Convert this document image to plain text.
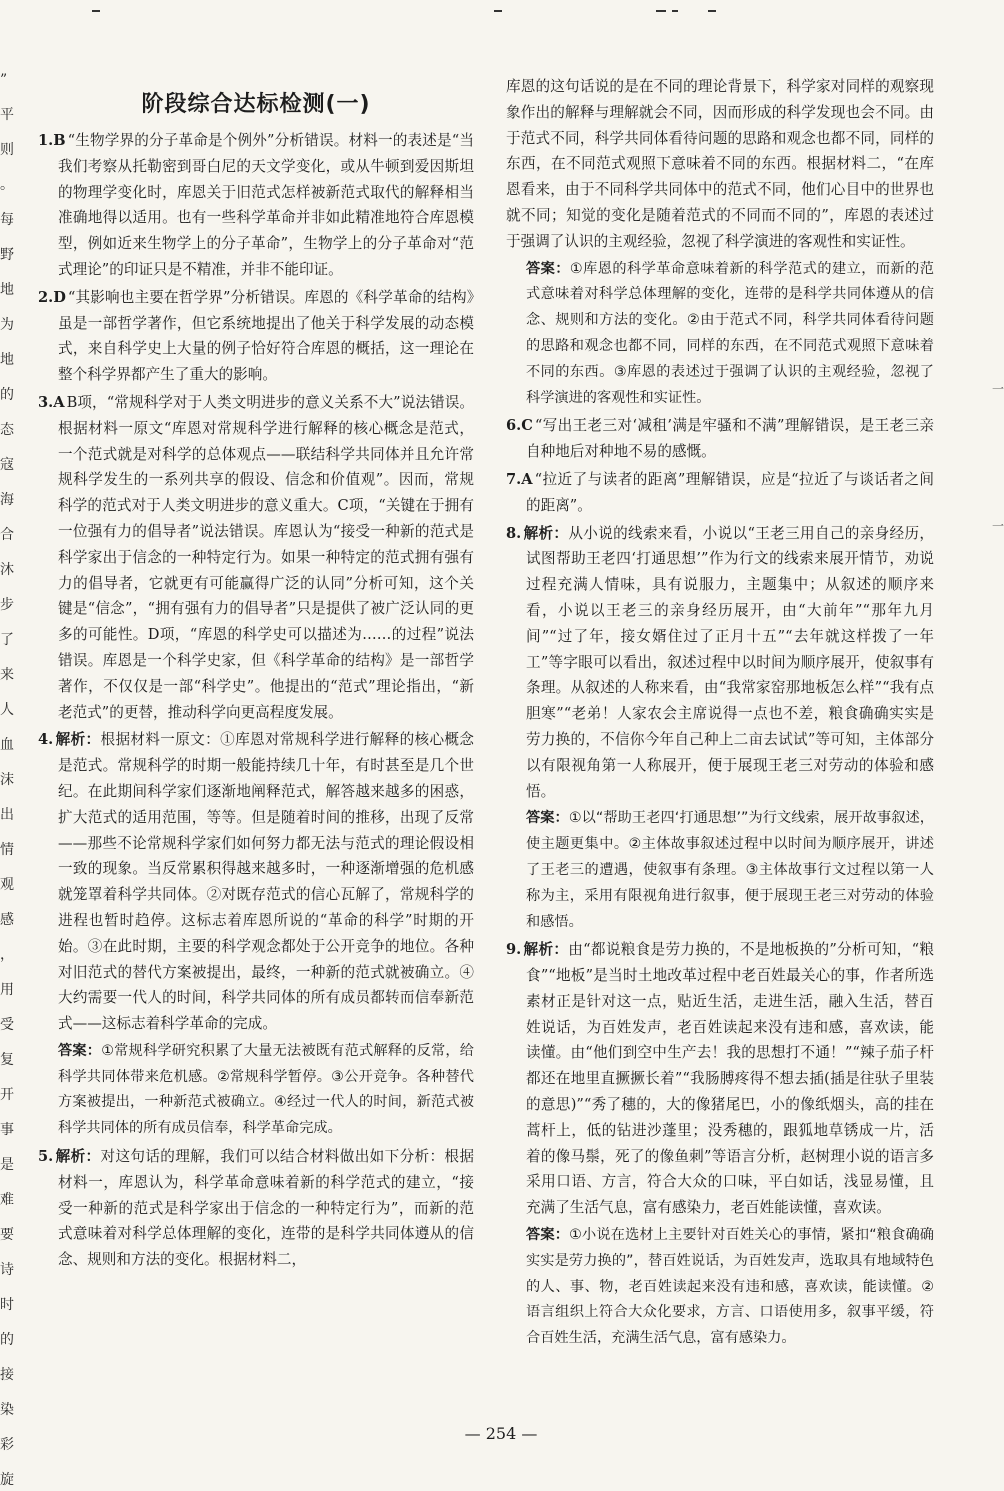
”
平
则
。
每
野
地
为
地
的
态
寇
海
合
沐
步
了
来
人
血
沫
出
情
观
感
，
用
受
复
开
事
是
难
要
诗
时
的
接
染
彩
旋
一
一
阶段综合达标检测(一)
1.B “生物学界的分子革命是个例外”分析错误。材料一的表述是“当我们考察从托勒密到哥白尼的天文学变化，或从牛顿到爱因斯坦的物理学变化时，库恩关于旧范式怎样被新范式取代的解释相当准确地得以适用。也有一些科学革命并非如此精准地符合库恩模型，例如近来生物学上的分子革命”，生物学上的分子革命对“范式理论”的印证只是不精准，并非不能印证。
2.D “其影响也主要在哲学界”分析错误。库恩的《科学革命的结构》虽是一部哲学著作，但它系统地提出了他关于科学发展的动态模式，来自科学史上大量的例子恰好符合库恩的概括，这一理论在整个科学界都产生了重大的影响。
3.A B项，“常规科学对于人类文明进步的意义关系不大”说法错误。根据材料一原文“库恩对常规科学进行解释的核心概念是范式，一个范式就是对科学的总体观点——联结科学共同体并且允许常规科学发生的一系列共享的假设、信念和价值观”。因而，常规科学的范式对于人类文明进步的意义重大。C项，“关键在于拥有一位强有力的倡导者”说法错误。库恩认为“接受一种新的范式是科学家出于信念的一种特定行为。如果一种特定的范式拥有强有力的倡导者，它就更有可能赢得广泛的认同”分析可知，这个关键是“信念”，“拥有强有力的倡导者”只是提供了被广泛认同的更多的可能性。D项，“库恩的科学史可以描述为……的过程”说法错误。库恩是一个科学史家，但《科学革命的结构》是一部哲学著作，不仅仅是一部“科学史”。他提出的“范式”理论指出，“新老范式”的更替，推动科学向更高程度发展。
4. 解析：根据材料一原文：①库恩对常规科学进行解释的核心概念是范式。常规科学的时期一般能持续几十年，有时甚至是几个世纪。在此期间科学家们逐渐地阐释范式，解答越来越多的困惑，扩大范式的适用范围，等等。但是随着时间的推移，出现了反常——那些不论常规科学家们如何努力都无法与范式的理论假设相一致的现象。当反常累积得越来越多时，一种逐渐增强的危机感就笼罩着科学共同体。②对既存范式的信心瓦解了，常规科学的进程也暂时趋停。这标志着库恩所说的“革命的科学”时期的开始。③在此时期，主要的科学观念都处于公开竞争的地位。各种对旧范式的替代方案被提出，最终，一种新的范式就被确立。④大约需要一代人的时间，科学共同体的所有成员都转而信奉新范式——这标志着科学革命的完成。
答案：①常规科学研究积累了大量无法被既有范式解释的反常，给科学共同体带来危机感。②常规科学暂停。③公开竞争。各种替代方案被提出，一种新范式被确立。④经过一代人的时间，新范式被科学共同体的所有成员信奉，科学革命完成。
5. 解析：对这句话的理解，我们可以结合材料做出如下分析：根据材料一，库恩认为，科学革命意味着新的科学范式的建立，“接受一种新的范式是科学家出于信念的一种特定行为”，而新的范式意味着对科学总体理解的变化，连带的是科学共同体遵从的信念、规则和方法的变化。根据材料二，
库恩的这句话说的是在不同的理论背景下，科学家对同样的观察现象作出的解释与理解就会不同，因而形成的科学发现也会不同。由于范式不同，科学共同体看待问题的思路和观念也都不同，同样的东西，在不同范式观照下意味着不同的东西。根据材料二，“在库恩看来，由于不同科学共同体中的范式不同，他们心目中的世界也就不同；知觉的变化是随着范式的不同而不同的”，库恩的表述过于强调了认识的主观经验，忽视了科学演进的客观性和实证性。
答案：①库恩的科学革命意味着新的科学范式的建立，而新的范式意味着对科学总体理解的变化，连带的是科学共同体遵从的信念、规则和方法的变化。②由于范式不同，科学共同体看待问题的思路和观念也都不同，同样的东西，在不同范式观照下意味着不同的东西。③库恩的表述过于强调了认识的主观经验，忽视了科学演进的客观性和实证性。
6.C “写出王老三对‘减租’满是牢骚和不满”理解错误，是王老三亲自种地后对种地不易的感慨。
7.A “拉近了与读者的距离”理解错误，应是“拉近了与谈话者之间的距离”。
8. 解析：从小说的线索来看，小说以“王老三用自己的亲身经历，试图帮助王老四‘打通思想’”作为行文的线索来展开情节，劝说过程充满人情味，具有说服力，主题集中；从叙述的顺序来看，小说以王老三的亲身经历展开，由“大前年”“那年九月间”“过了年，接女婿住过了正月十五”“去年就这样拨了一年工”等字眼可以看出，叙述过程中以时间为顺序展开，使叙事有条理。从叙述的人称来看，由“我常家窑那地板怎么样”“我有点胆寒”“老弟！人家农会主席说得一点也不差，粮食确确实实是劳力换的，不信你今年自己种上二亩去试试”等可知，主体部分以有限视角第一人称展开，便于展现王老三对劳动的体验和感悟。
答案：①以“帮助王老四‘打通思想’”为行文线索，展开故事叙述，使主题更集中。②主体故事叙述过程中以时间为顺序展开，讲述了王老三的遭遇，使叙事有条理。③主体故事行文过程以第一人称为主，采用有限视角进行叙事，便于展现王老三对劳动的体验和感悟。
9. 解析：由“都说粮食是劳力换的，不是地板换的”分析可知，“粮食”“地板”是当时土地改革过程中老百姓最关心的事，作者所选素材正是针对这一点，贴近生活，走进生活，融入生活，替百姓说话，为百姓发声，老百姓读起来没有违和感，喜欢读，能读懂。由“他们到空中生产去！我的思想打不通！”“辣子茄子杆都还在地里直撅撅长着”“我肠膊疼得不想去插(插是往驮子里装的意思)”“秀了穗的，大的像猪尾巴，小的像纸烟头，高的挂在蒿杆上，低的钻进沙蓬里；没秀穗的，跟狐地草锈成一片，活着的像马鬃，死了的像鱼刺”等语言分析，赵树理小说的语言多采用口语、方言，符合大众的口味，平白如话，浅显易懂，且充满了生活气息，富有感染力，老百姓能读懂，喜欢读。
答案：①小说在选材上主要针对百姓关心的事情，紧扣“粮食确确实实是劳力换的”，替百姓说话，为百姓发声，选取具有地域特色的人、事、物，老百姓读起来没有违和感，喜欢读，能读懂。②语言组织上符合大众化要求，方言、口语使用多，叙事平缓，符合百姓生活，充满生活气息，富有感染力。
— 254 —
